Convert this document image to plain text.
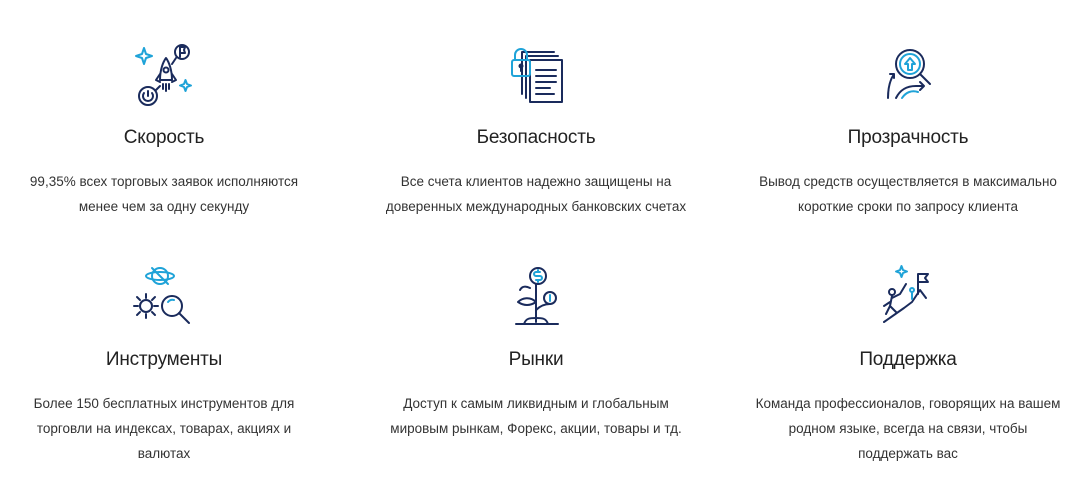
Скорость
99,35% всех торговых заявок исполняются
менее чем за одну секунду
Безопасность
Все счета клиентов надежно защищены на
доверенных международных банковских счетах
Прозрачность
Вывод средств осуществляется в максимально
короткие сроки по запросу клиента
Инструменты
Более 150 бесплатных инструментов для
торговли на индексах, товарах, акциях и
валютах
Рынки
Доступ к самым ликвидным и глобальным
мировым рынкам, Форекс, акции, товары и тд.
Поддержка
Команда профессионалов, говорящих на вашем
родном языке, всегда на связи, чтобы
поддержать вас
